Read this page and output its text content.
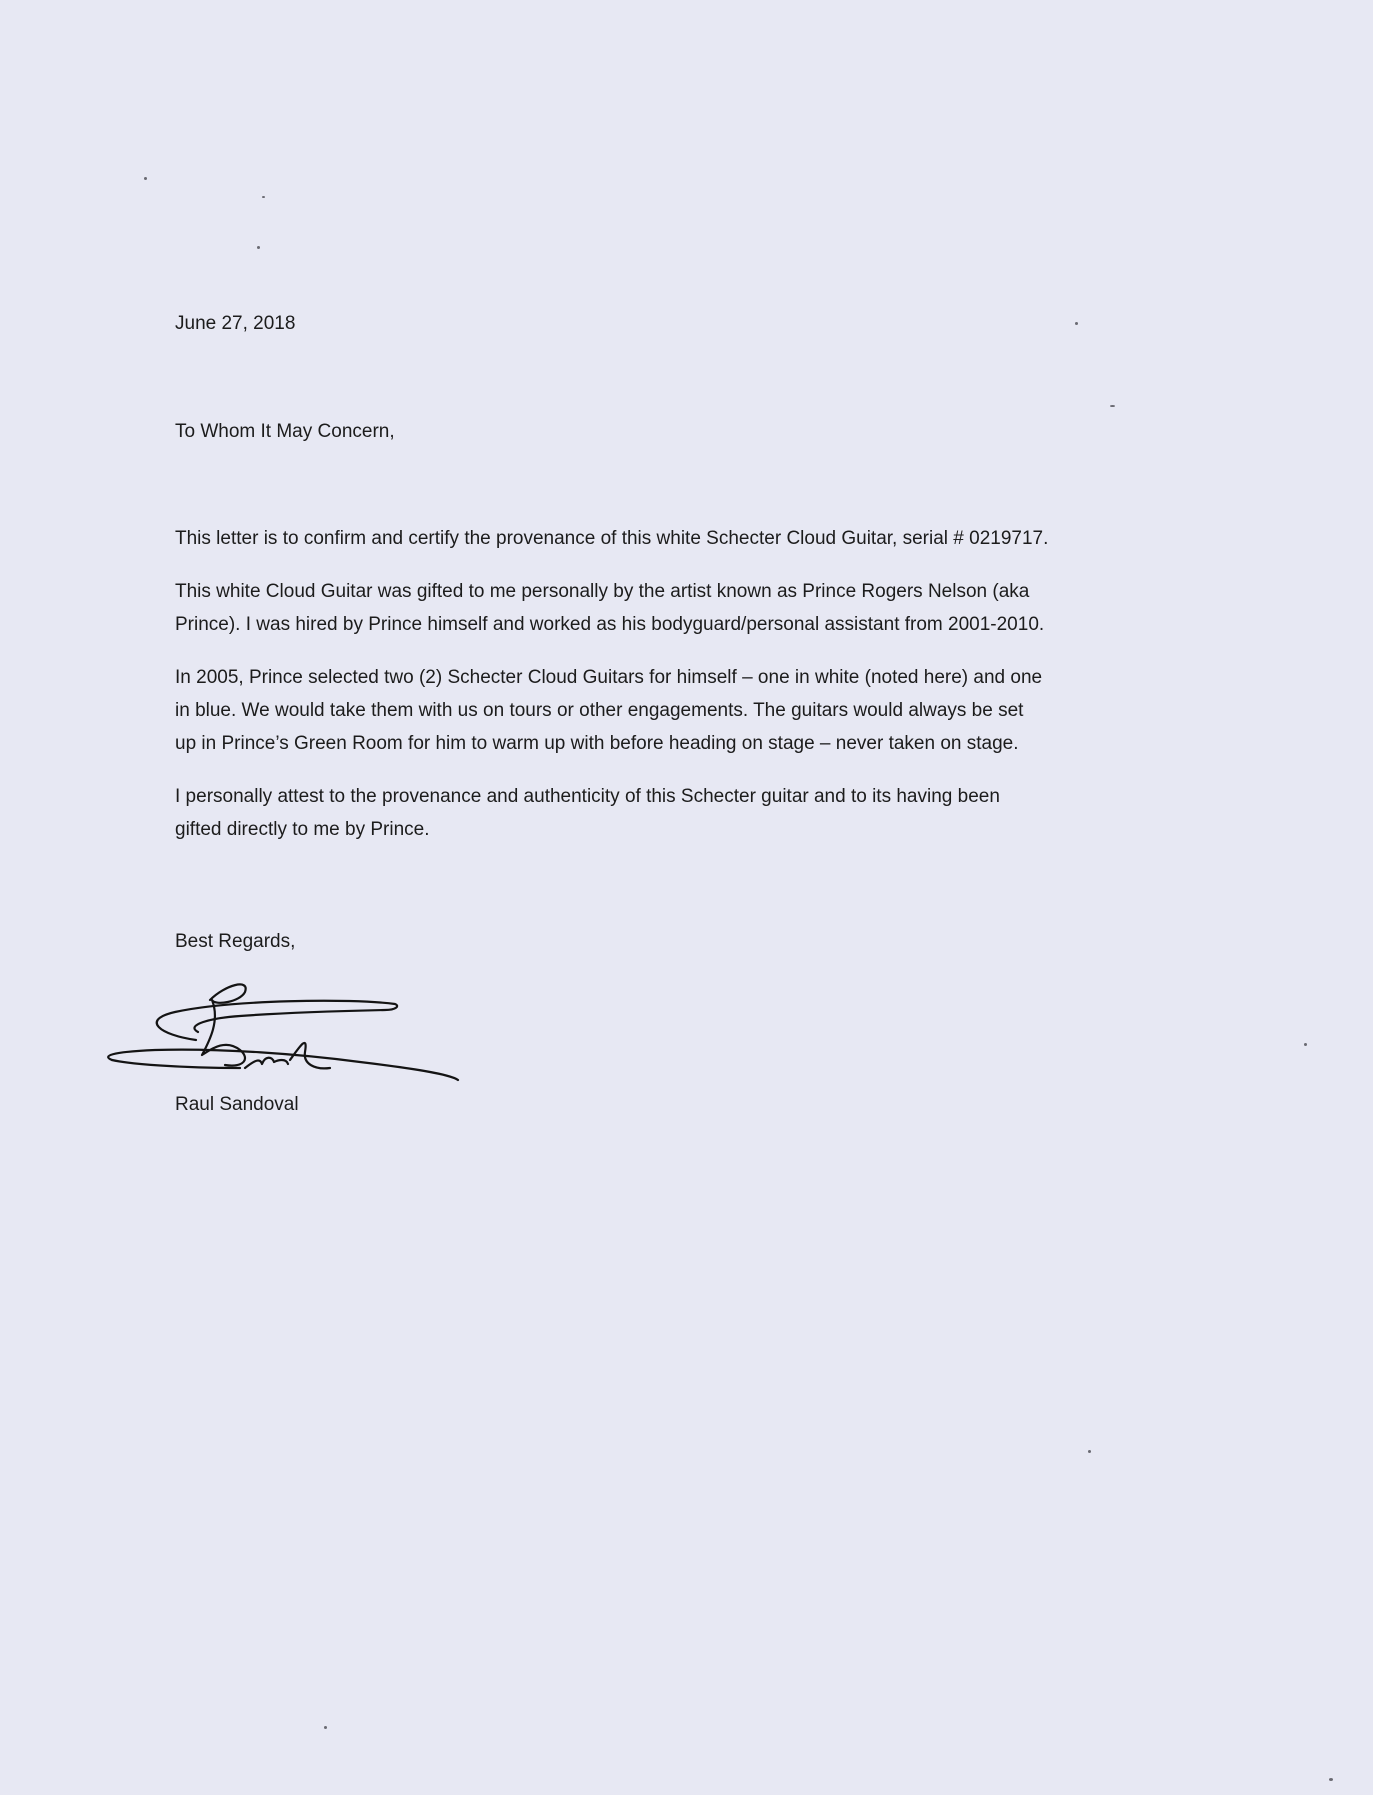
June 27, 2018
To Whom It May Concern,

This letter is to confirm and certify the provenance of this white Schecter Cloud Guitar, serial # 0219717.

This white Cloud Guitar was gifted to me personally by the artist known as Prince Rogers Nelson (aka
Prince). I was hired by Prince himself and worked as his bodyguard/personal assistant from 2001-2010.

In 2005, Prince selected two (2) Schecter Cloud Guitars for himself – one in white (noted here) and one
in blue. We would take them with us on tours or other engagements. The guitars would always be set
up in Prince’s Green Room for him to warm up with before heading on stage – never taken on stage.

I personally attest to the provenance and authenticity of this Schecter guitar and to its having been
gifted directly to me by Prince.

Best Regards,
Raul Sandoval
